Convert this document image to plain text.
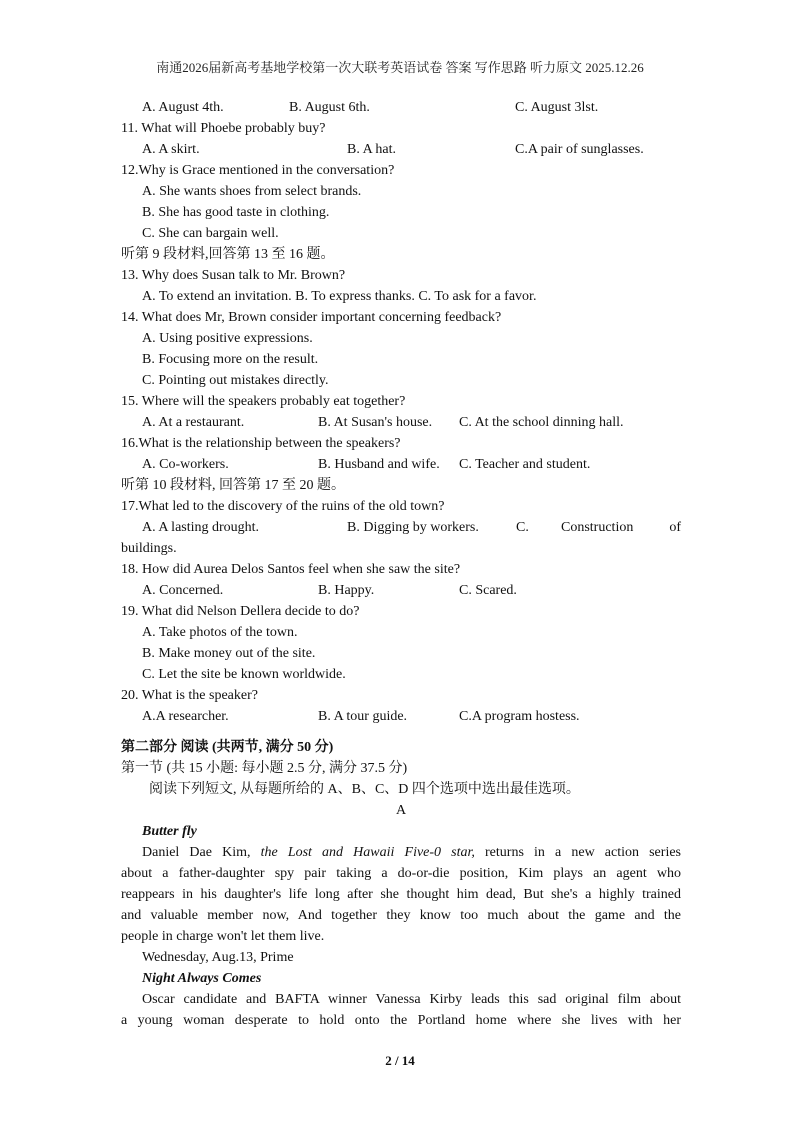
南通2026届新高考基地学校第一次大联考英语试卷 答案 写作思路 听力原文 2025.12.26
A. August 4th.	B. August 6th.	C. August 3lst.
11. What will Phoebe probably buy?
A. A skirt.	B. A hat.	C.A pair of sunglasses.
12.Why is Grace mentioned in the conversation?
A. She wants shoes from select brands.
B. She has good taste in clothing.
C. She can bargain well.
听第 9 段材料,回答第 13 至 16 题。
13. Why does Susan talk to Mr. Brown?
A. To extend an invitation. B. To express thanks. C. To ask for a favor.
14. What does Mr, Brown consider important concerning feedback?
A. Using positive expressions.
B. Focusing more on the result.
C. Pointing out mistakes directly.
15. Where will the speakers probably eat together?
A. At a restaurant.	B. At Susan's house. C. At the school dinning hall.
16.What is the relationship between the speakers?
A. Co-workers.	B. Husband and wife. C. Teacher and student.
听第 10 段材料, 回答第 17 至 20 题。
17.What led to the discovery of the ruins of the old town?
A. A lasting drought.	B. Digging by workers.	C. Construction	of
buildings.
18. How did Aurea Delos Santos feel when she saw the site?
A. Concerned.	B. Happy.	C. Scared.
19. What did Nelson Dellera decide to do?
A. Take photos of the town.
B. Make money out of the site.
C. Let the site be known worldwide.
20. What is the speaker?
A.A researcher.	B. A tour guide.	C.A program hostess.
第二部分 阅读 (共两节, 满分 50 分)
第一节 (共 15 小题: 每小题 2.5 分, 满分 37.5 分)
阅读下列短文, 从每题所给的 A、B、C、D 四个选项中选出最佳选项。
A
Butter fly
Daniel Dae Kim, the Lost and Hawaii Five-0 star, returns in a new action series
about a father-daughter spy pair taking a do-or-die position, Kim plays an agent who
reappears in his daughter's life long after she thought him dead, But she's a highly trained
and valuable member now, And together they know too much about the game and the
people in charge won't let them live.
Wednesday, Aug.13, Prime
Night Always Comes
Oscar candidate and BAFTA winner Vanessa Kirby leads this sad original film about
a young woman desperate to hold onto the Portland home where she lives with her
2 / 14
